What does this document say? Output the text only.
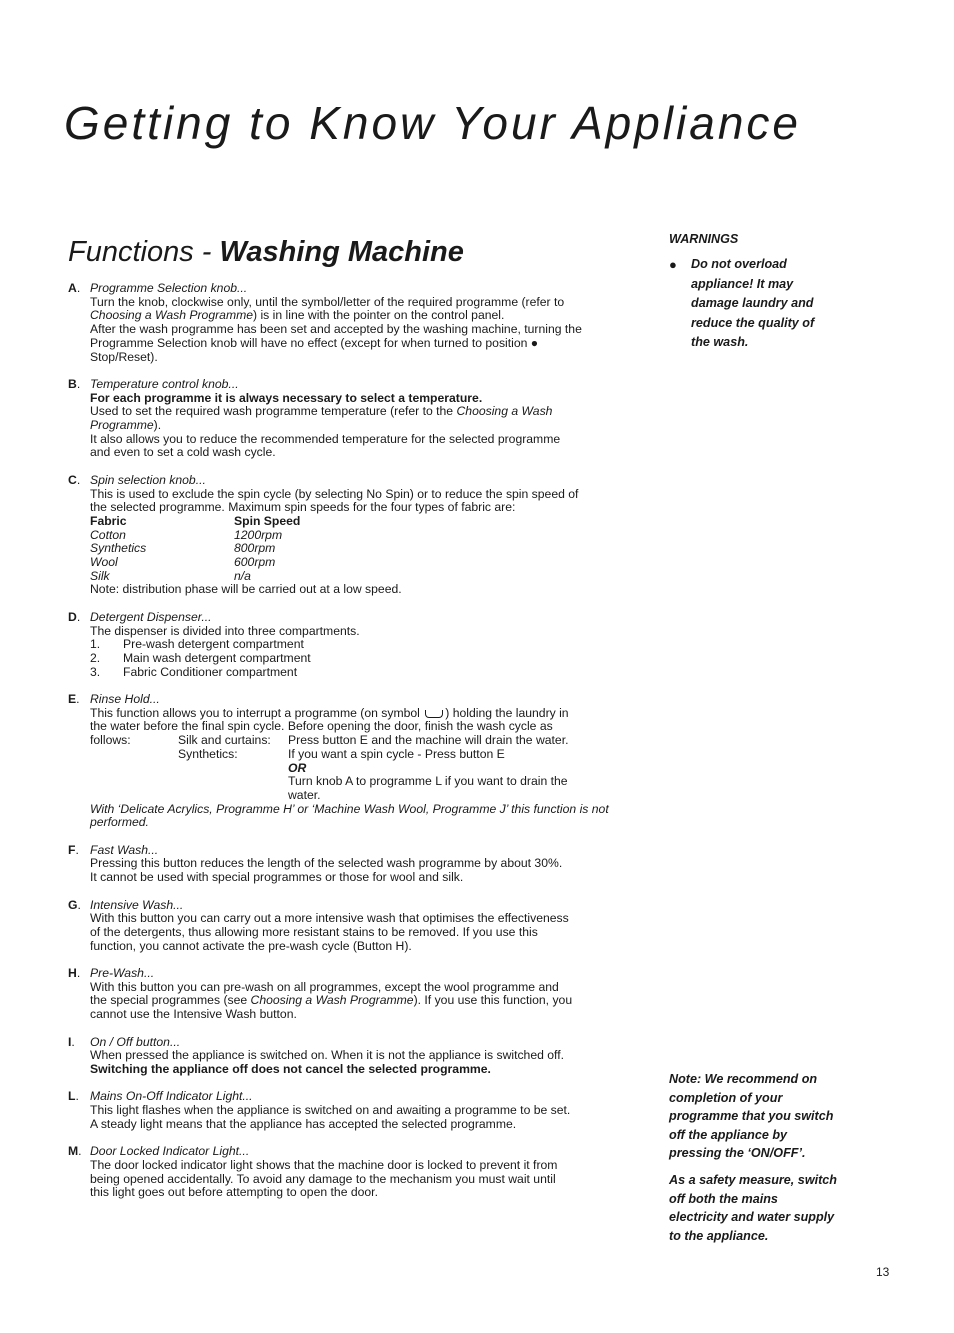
Getting to Know Your Appliance
Functions - Washing Machine
A. Programme Selection knob...
Turn the knob, clockwise only, until the symbol/letter of the required programme (refer to
Choosing a Wash Programme) is in line with the pointer on the control panel.
After the wash programme has been set and accepted by the washing machine, turning the
Programme Selection knob will have no effect (except for when turned to position ●
Stop/Reset).
B. Temperature control knob...
For each programme it is always necessary to select a temperature.
Used to set the required wash programme temperature (refer to the Choosing a Wash
Programme).
It also allows you to reduce the recommended temperature for the selected programme
and even to set a cold wash cycle.
C. Spin selection knob...
This is used to exclude the spin cycle (by selecting No Spin) or to reduce the spin speed of
the selected programme. Maximum spin speeds for the four types of fabric are:
Fabric	Spin Speed
Cotton	1200rpm
Synthetics	800rpm
Wool	600rpm
Silk	n/a
Note: distribution phase will be carried out at a low speed.
D. Detergent Dispenser...
The dispenser is divided into three compartments.
1.	Pre-wash detergent compartment
2.	Main wash detergent compartment
3.	Fabric Conditioner compartment
E. Rinse Hold...
This function allows you to interrupt a programme (on symbol ) holding the laundry in
the water before the final spin cycle. Before opening the door, finish the wash cycle as
follows:	Silk and curtains:	Press button E and the machine will drain the water.
Synthetics:	If you want a spin cycle - Press button E
OR
Turn knob A to programme L if you want to drain the
water.
With ‘Delicate Acrylics, Programme H’ or ‘Machine Wash Wool, Programme J’ this function is not
performed.
F. Fast Wash...
Pressing this button reduces the length of the selected wash programme by about 30%.
It cannot be used with special programmes or those for wool and silk.
G. Intensive Wash...
With this button you can carry out a more intensive wash that optimises the effectiveness
of the detergents, thus allowing more resistant stains to be removed. If you use this
function, you cannot activate the pre-wash cycle (Button H).
H. Pre-Wash...
With this button you can pre-wash on all programmes, except the wool programme and
the special programmes (see Choosing a Wash Programme). If you use this function, you
cannot use the Intensive Wash button.
I. On / Off button...
When pressed the appliance is switched on. When it is not the appliance is switched off.
Switching the appliance off does not cancel the selected programme.
L. Mains On-Off Indicator Light...
This light flashes when the appliance is switched on and awaiting a programme to be set.
A steady light means that the appliance has accepted the selected programme.
M. Door Locked Indicator Light...
The door locked indicator light shows that the machine door is locked to prevent it from
being opened accidentally. To avoid any damage to the mechanism you must wait until
this light goes out before attempting to open the door.
WARNINGS
●	Do not overload
appliance! It may
damage laundry and
reduce the quality of
the wash.
Note: We recommend on
completion of your
programme that you switch
off the appliance by
pressing the ‘ON/OFF’.
As a safety measure, switch
off both the mains
electricity and water supply
to the appliance.
13
